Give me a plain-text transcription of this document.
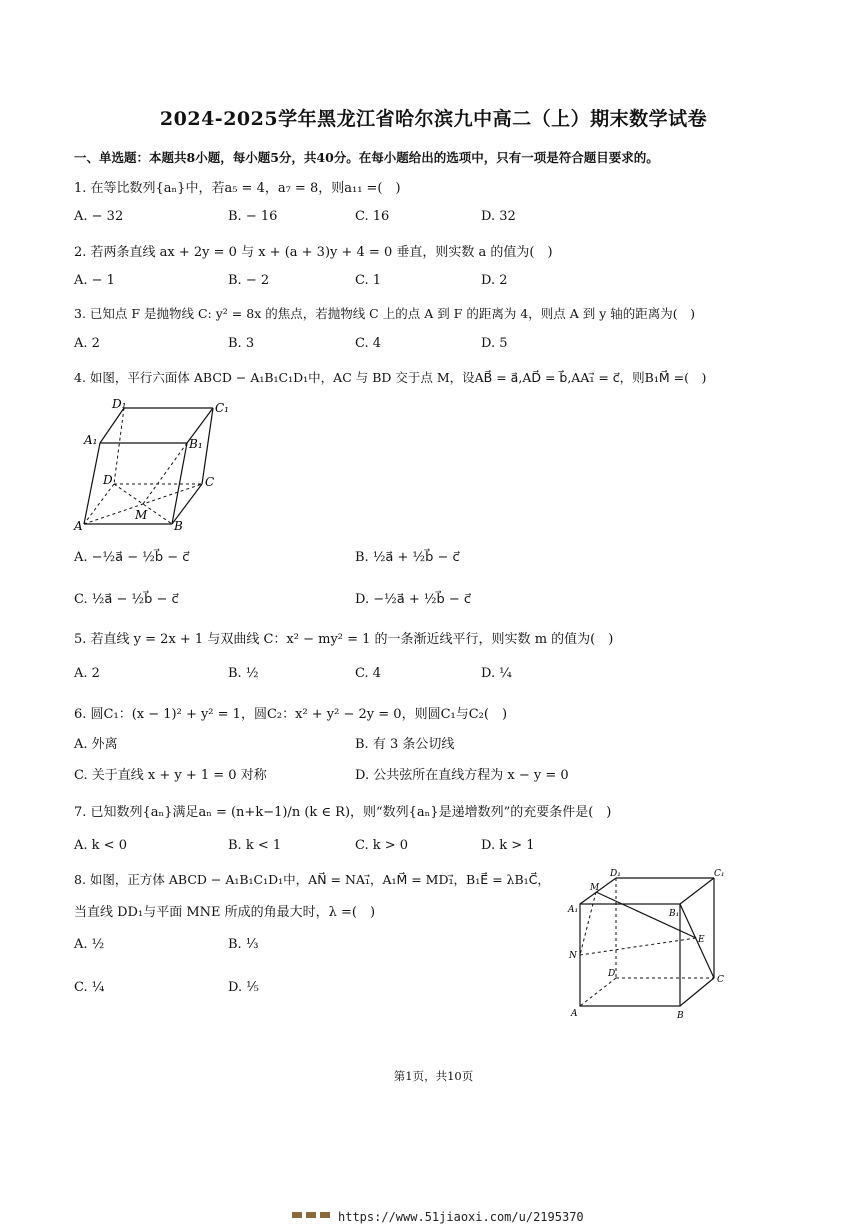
2024-2025学年黑龙江省哈尔滨九中高二（上）期末数学试卷
一、单选题：本题共8小题，每小题5分，共40分。在每小题给出的选项中，只有一项是符合题目要求的。
1. 在等比数列{aₙ}中，若a₅ = 4，a₇ = 8，则a₁₁ =(　)
A. − 32	B. − 16	C. 16	D. 32
2. 若两条直线 ax + 2y = 0 与 x + (a + 3)y + 4 = 0 垂直，则实数 a 的值为(　)
A. − 1	B. − 2	C. 1	D. 2
3. 已知点 F 是抛物线 C: y² = 8x 的焦点，若抛物线 C 上的点 A 到 F 的距离为 4，则点 A 到 y 轴的距离为(　)
A. 2	B. 3	C. 4	D. 5
4. 如图，平行六面体 ABCD − A₁B₁C₁D₁中，AC 与 BD 交于点 M，设AB⃗ = a⃗,AD⃗ = b⃗,AA₁⃗ = c⃗，则B₁M⃗ =(　)
D₁	C₁
A₁	B₁
D	C
M
A	B
A. −½a⃗ − ½b⃗ − c⃗	B. ½a⃗ + ½b⃗ − c⃗
C. ½a⃗ − ½b⃗ − c⃗	D. −½a⃗ + ½b⃗ − c⃗
5. 若直线 y = 2x + 1 与双曲线 C：x² − my² = 1 的一条渐近线平行，则实数 m 的值为(　)
A. 2	B. ½	C. 4	D. ¼
6. 圆C₁：(x − 1)² + y² = 1，圆C₂：x² + y² − 2y = 0，则圆C₁与C₂(　)
A. 外离	B. 有 3 条公切线
C. 关于直线 x + y + 1 = 0 对称	D. 公共弦所在直线方程为 x − y = 0
7. 已知数列{aₙ}满足aₙ = (n+k−1)/n (k ∈ R)，则“数列{aₙ}是递增数列”的充要条件是(　)
A. k < 0	B. k < 1	C. k > 0	D. k > 1
8. 如图，正方体 ABCD − A₁B₁C₁D₁中，AN⃗ = NA₁⃗，A₁M⃗ = MD₁⃗，B₁E⃗ = λB₁C⃗，
当直线 DD₁与平面 MNE 所成的角最大时，λ =(　)
A. ½	B. ⅓
C. ¼	D. ⅕
D₁	C₁
M
A₁	B₁
E
N
D
C
A	B
第1页，共10页
https://www.51jiaoxi.com/u/2195370
